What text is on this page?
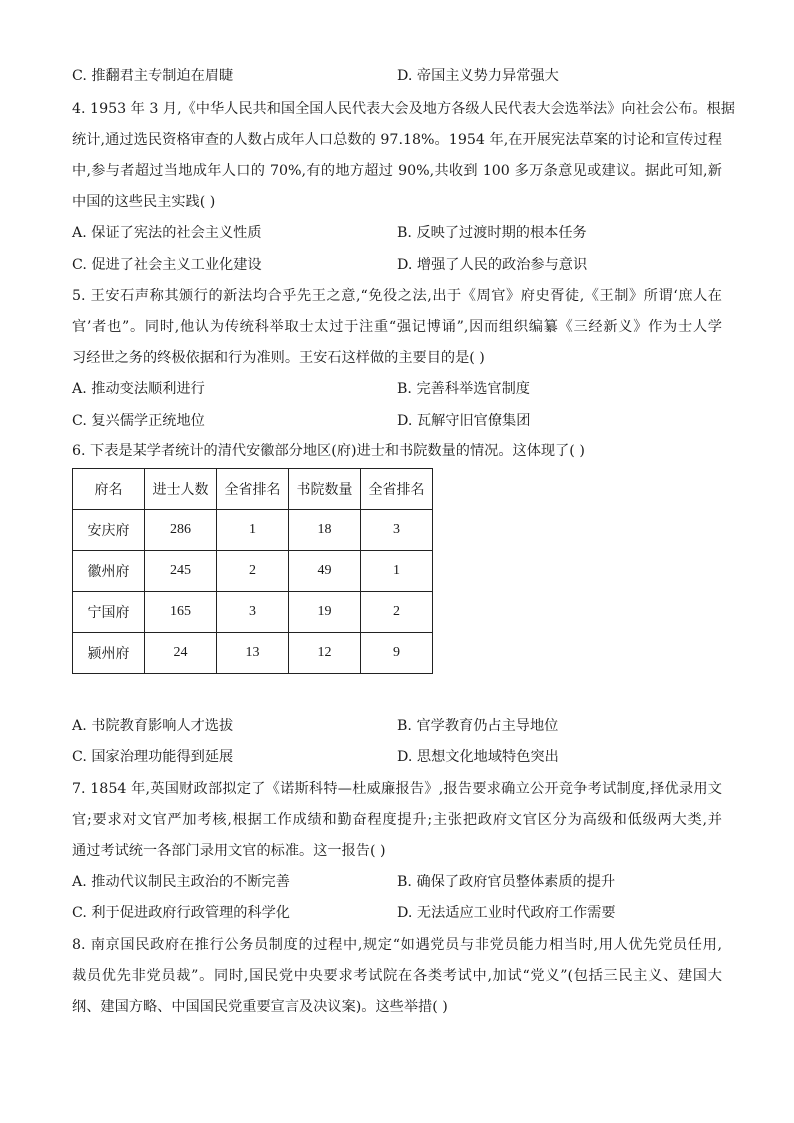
C. 推翻君主专制迫在眉睫	D. 帝国主义势力异常强大
4. 1953 年 3 月,《中华人民共和国全国人民代表大会及地方各级人民代表大会选举法》向社会公布。根据
统计,通过选民资格审查的人数占成年人口总数的 97.18%。1954 年,在开展宪法草案的讨论和宣传过程
中,参与者超过当地成年人口的 70%,有的地方超过 90%,共收到 100 多万条意见或建议。据此可知,新
中国的这些民主实践( )
A. 保证了宪法的社会主义性质	B. 反映了过渡时期的根本任务
C. 促进了社会主义工业化建设	D. 增强了人民的政治参与意识
5. 王安石声称其颁行的新法均合乎先王之意,“免役之法,出于《周官》府史胥徒,《王制》所谓‘庶人在
官’者也”。同时,他认为传统科举取士太过于注重“强记博诵”,因而组织编纂《三经新义》作为士人学
习经世之务的终极依据和行为准则。王安石这样做的主要目的是( )
A. 推动变法顺利进行	B. 完善科举选官制度
C. 复兴儒学正统地位	D. 瓦解守旧官僚集团
6. 下表是某学者统计的清代安徽部分地区(府)进士和书院数量的情况。这体现了( )
府名	进士人数	全省排名	书院数量	全省排名
安庆府	286	1	18	3
徽州府	245	2	49	1
宁国府	165	3	19	2
颍州府	24	13	12	9
A. 书院教育影响人才选拔	B. 官学教育仍占主导地位
C. 国家治理功能得到延展	D. 思想文化地域特色突出
7. 1854 年,英国财政部拟定了《诺斯科特—杜威廉报告》,报告要求确立公开竞争考试制度,择优录用文
官;要求对文官严加考核,根据工作成绩和勤奋程度提升;主张把政府文官区分为高级和低级两大类,并
通过考试统一各部门录用文官的标准。这一报告( )
A. 推动代议制民主政治的不断完善	B. 确保了政府官员整体素质的提升
C. 利于促进政府行政管理的科学化	D. 无法适应工业时代政府工作需要
8. 南京国民政府在推行公务员制度的过程中,规定“如遇党员与非党员能力相当时,用人优先党员任用,
裁员优先非党员裁”。同时,国民党中央要求考试院在各类考试中,加试“党义”(包括三民主义、建国大
纲、建国方略、中国国民党重要宣言及决议案)。这些举措( )
